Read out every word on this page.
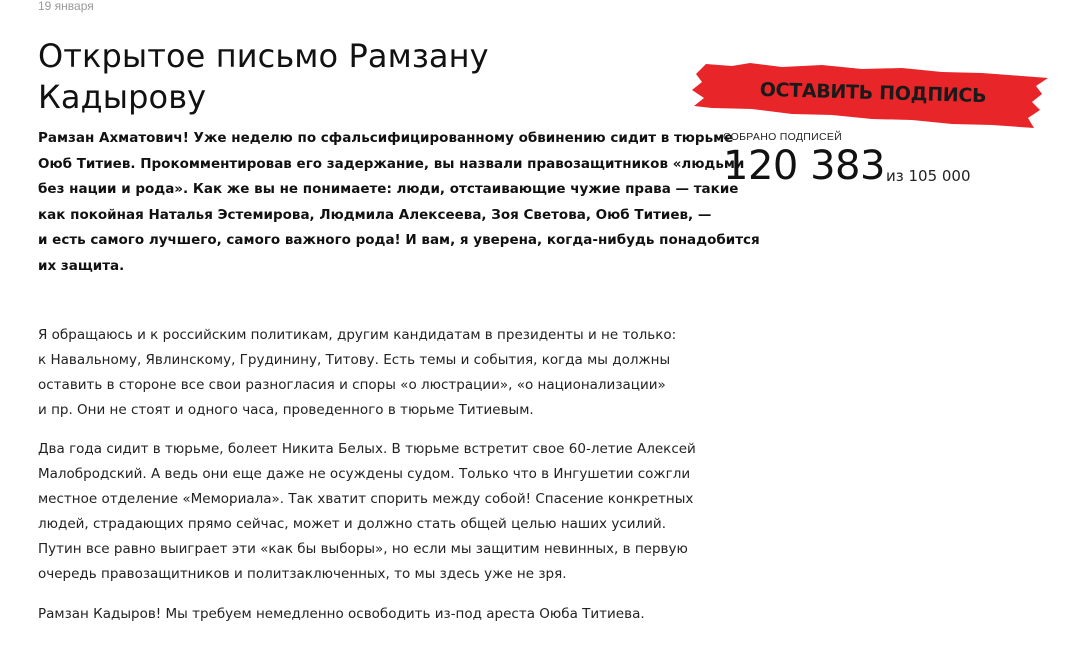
19 января
Открытое письмо Рамзану Кадырову
Рамзан Ахматович! Уже неделю по сфальсифицированному обвинению сидит в тюрьме
Оюб Титиев. Прокомментировав его задержание, вы назвали правозащитников «людьми
без нации и рода». Как же вы не понимаете: люди, отстаивающие чужие права — такие
как покойная Наталья Эстемирова, Людмила Алексеева, Зоя Светова, Оюб Титиев, —
и есть самого лучшего, самого важного рода! И вам, я уверена, когда-нибудь понадобится
их защита.
Я обращаюсь и к российским политикам, другим кандидатам в президенты и не только:
к Навальному, Явлинскому, Грудинину, Титову. Есть темы и события, когда мы должны
оставить в стороне все свои разногласия и споры «о люстрации», «о национализации»
и пр. Они не стоят и одного часа, проведенного в тюрьме Титиевым.
Два года сидит в тюрьме, болеет Никита Белых. В тюрьме встретит свое 60-летие Алексей
Малобродский. А ведь они еще даже не осуждены судом. Только что в Ингушетии сожгли
местное отделение «Мемориала». Так хватит спорить между собой! Спасение конкретных
людей, страдающих прямо сейчас, может и должно стать общей целью наших усилий.
Путин все равно выиграет эти «как бы выборы», но если мы защитим невинных, в первую
очередь правозащитников и политзаключенных, то мы здесь уже не зря.
Рамзан Кадыров! Мы требуем немедленно освободить из-под ареста Оюба Титиева.
ОСТАВИТЬ ПОДПИСЬ
СОБРАНО ПОДПИСЕЙ
120 383 из 105 000
